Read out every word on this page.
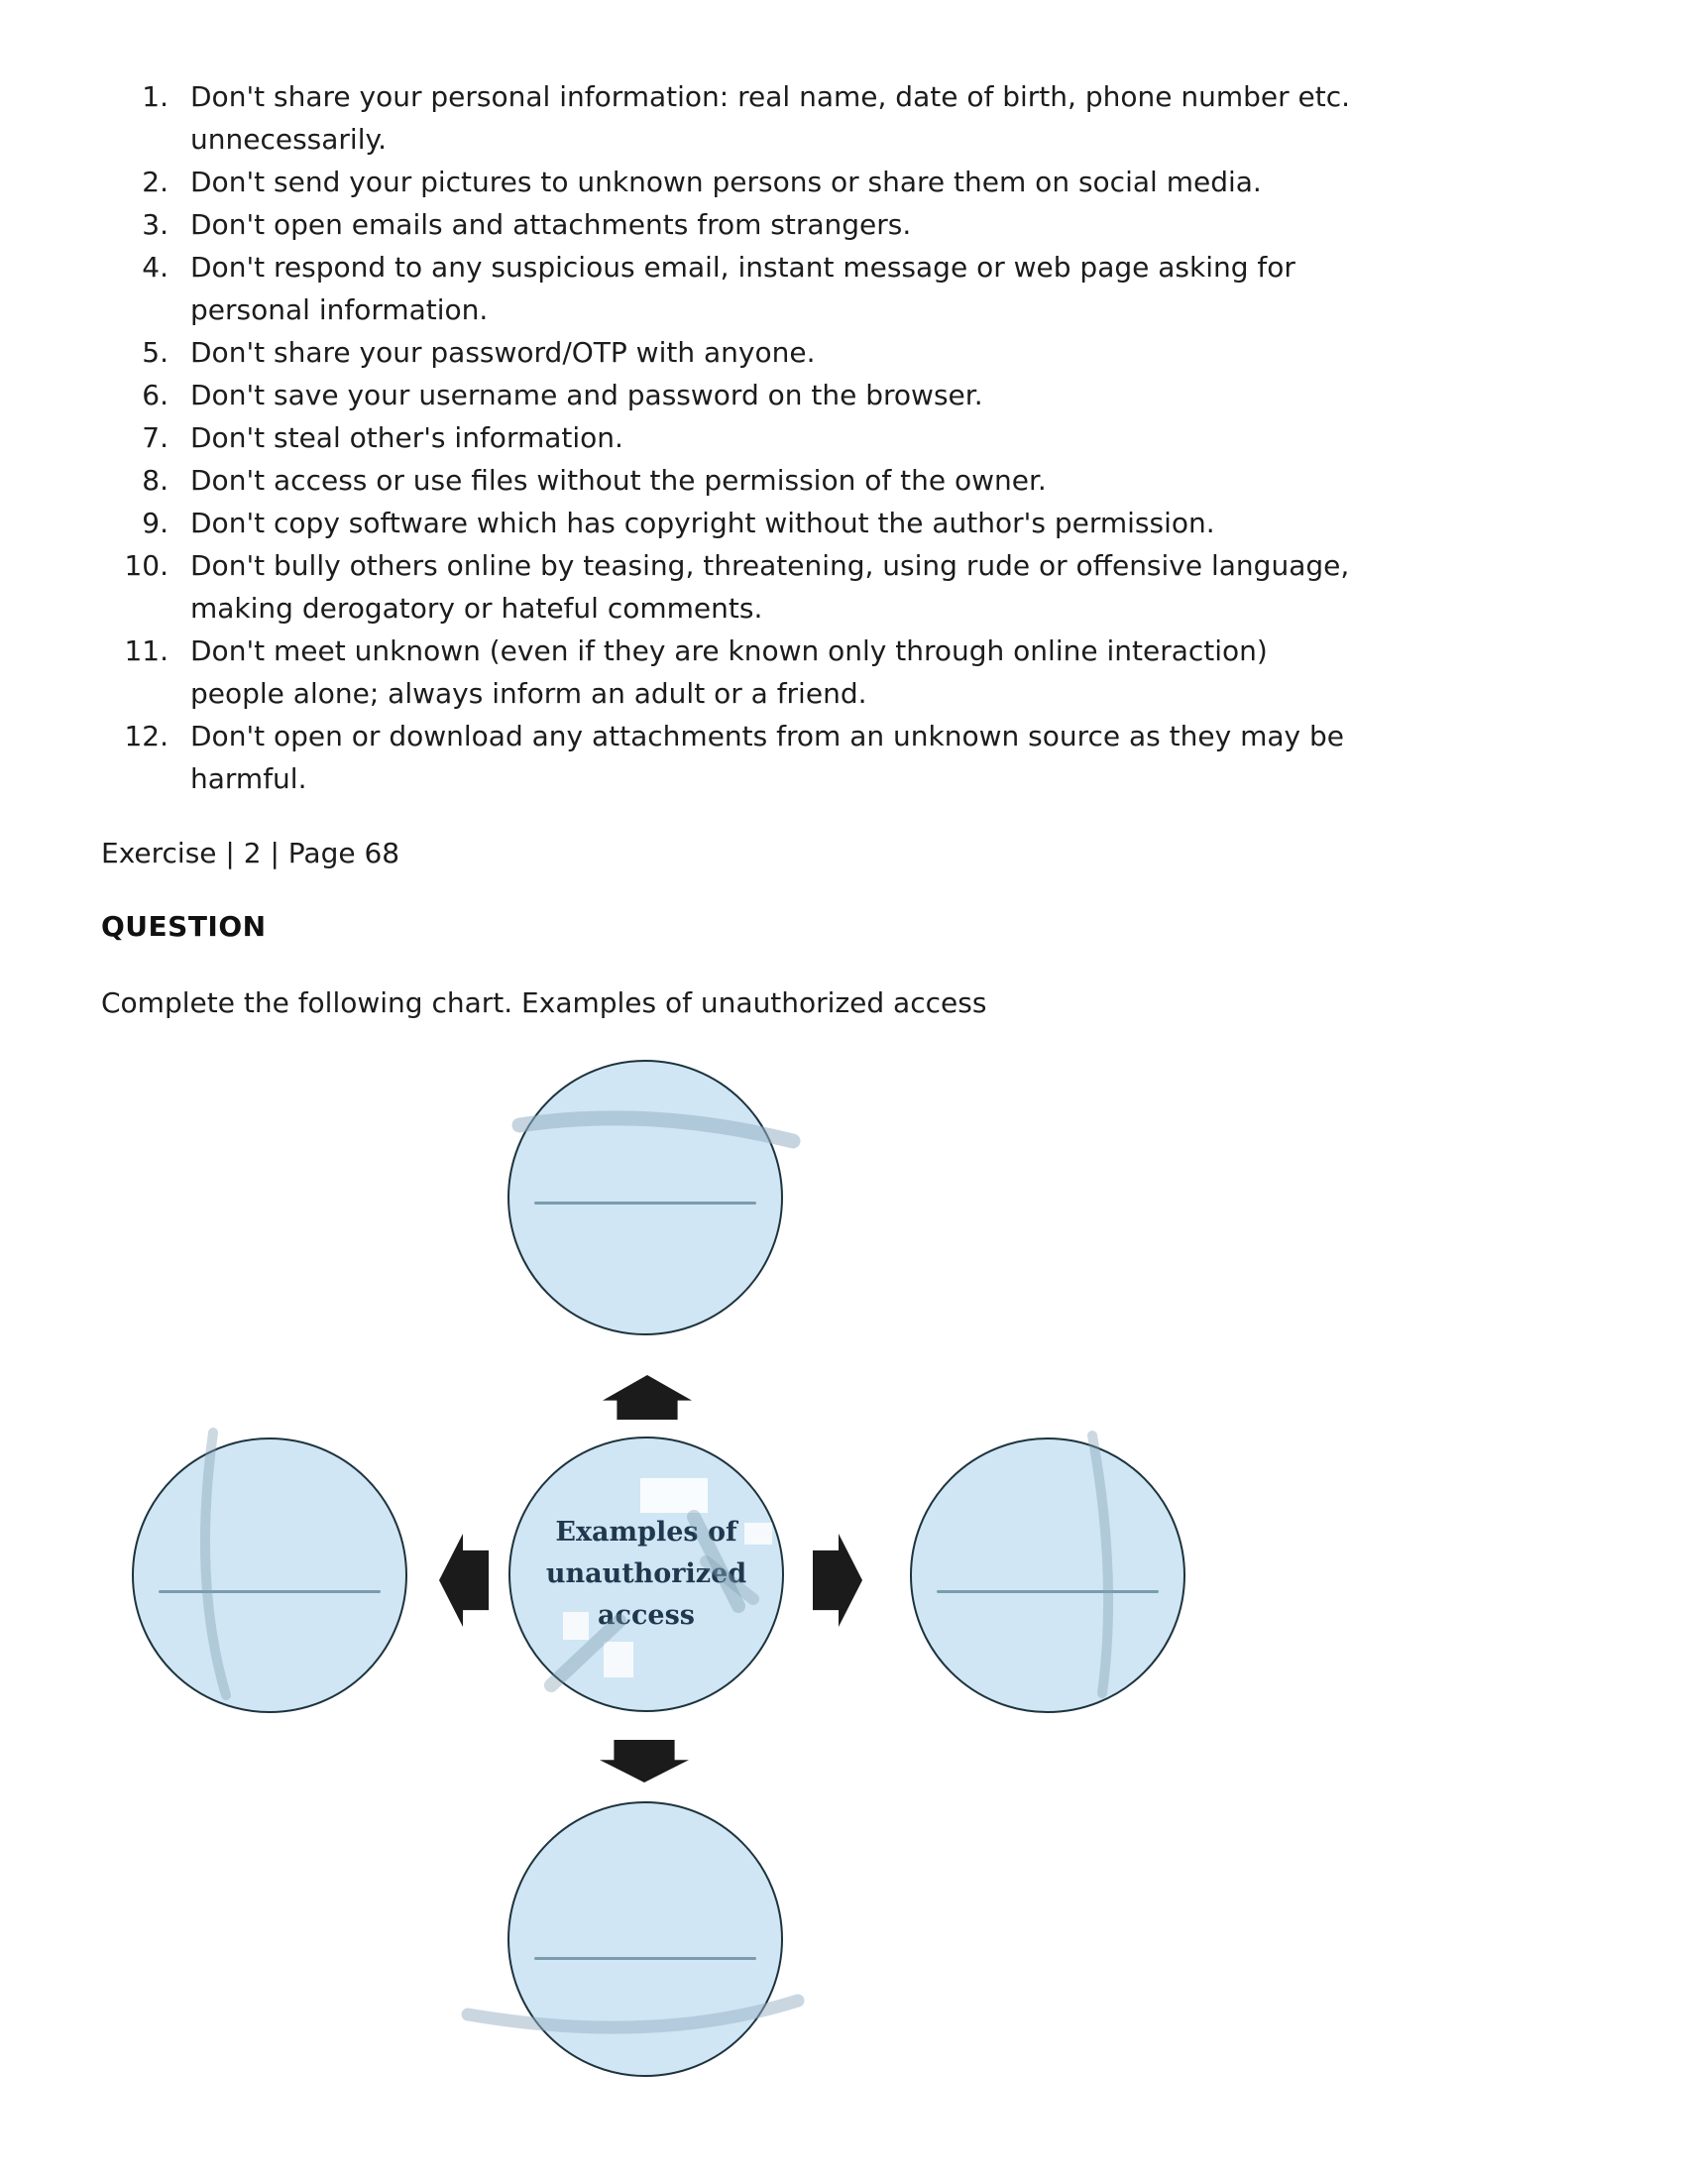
1. Don't share your personal information: real name, date of birth, phone number etc.
unnecessarily.
2. Don't send your pictures to unknown persons or share them on social media.
3. Don't open emails and attachments from strangers.
4. Don't respond to any suspicious email, instant message or web page asking for
personal information.
5. Don't share your password/OTP with anyone.
6. Don't save your username and password on the browser.
7. Don't steal other's information.
8. Don't access or use files without the permission of the owner.
9. Don't copy software which has copyright without the author's permission.
10. Don't bully others online by teasing, threatening, using rude or offensive language,
making derogatory or hateful comments.
11. Don't meet unknown (even if they are known only through online interaction)
people alone; always inform an adult or a friend.
12. Don't open or download any attachments from an unknown source as they may be
harmful.

Exercise | 2 | Page 68

QUESTION

Complete the following chart. Examples of unauthorized access

Examples of unauthorized access
